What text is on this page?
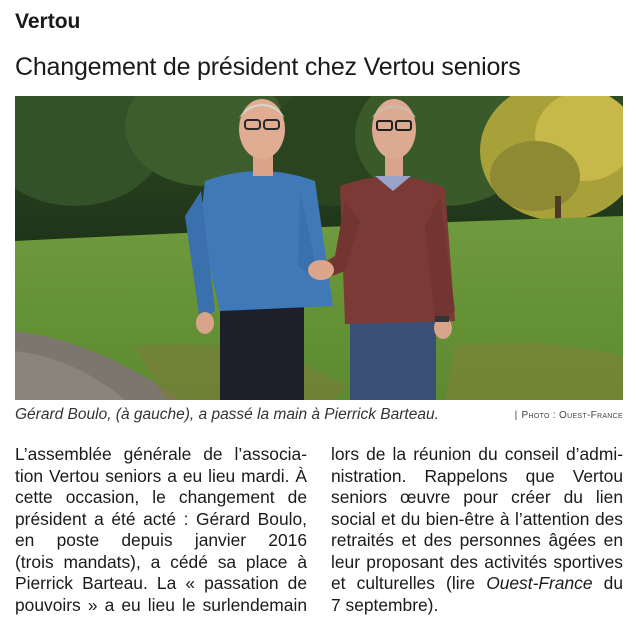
Vertou
Changement de président chez Vertou seniors
Gérard Boulo, (à gauche), a passé la main à Pierrick Barteau.	| Photo : Ouest-France
L’assemblée générale de l’associa-
tion Vertou seniors a eu lieu mardi. À
cette occasion, le changement de
président a été acté : Gérard Boulo,
en poste depuis janvier 2016
(trois mandats), a cédé sa place à
Pierrick Barteau. La « passation de
pouvoirs » a eu lieu le surlendemain
lors de la réunion du conseil d’admi-
nistration. Rappelons que Vertou
seniors œuvre pour créer du lien
social et du bien-être à l’attention des
retraités et des personnes âgées en
leur proposant des activités sportives
et culturelles (lire Ouest-France du
7 septembre).
